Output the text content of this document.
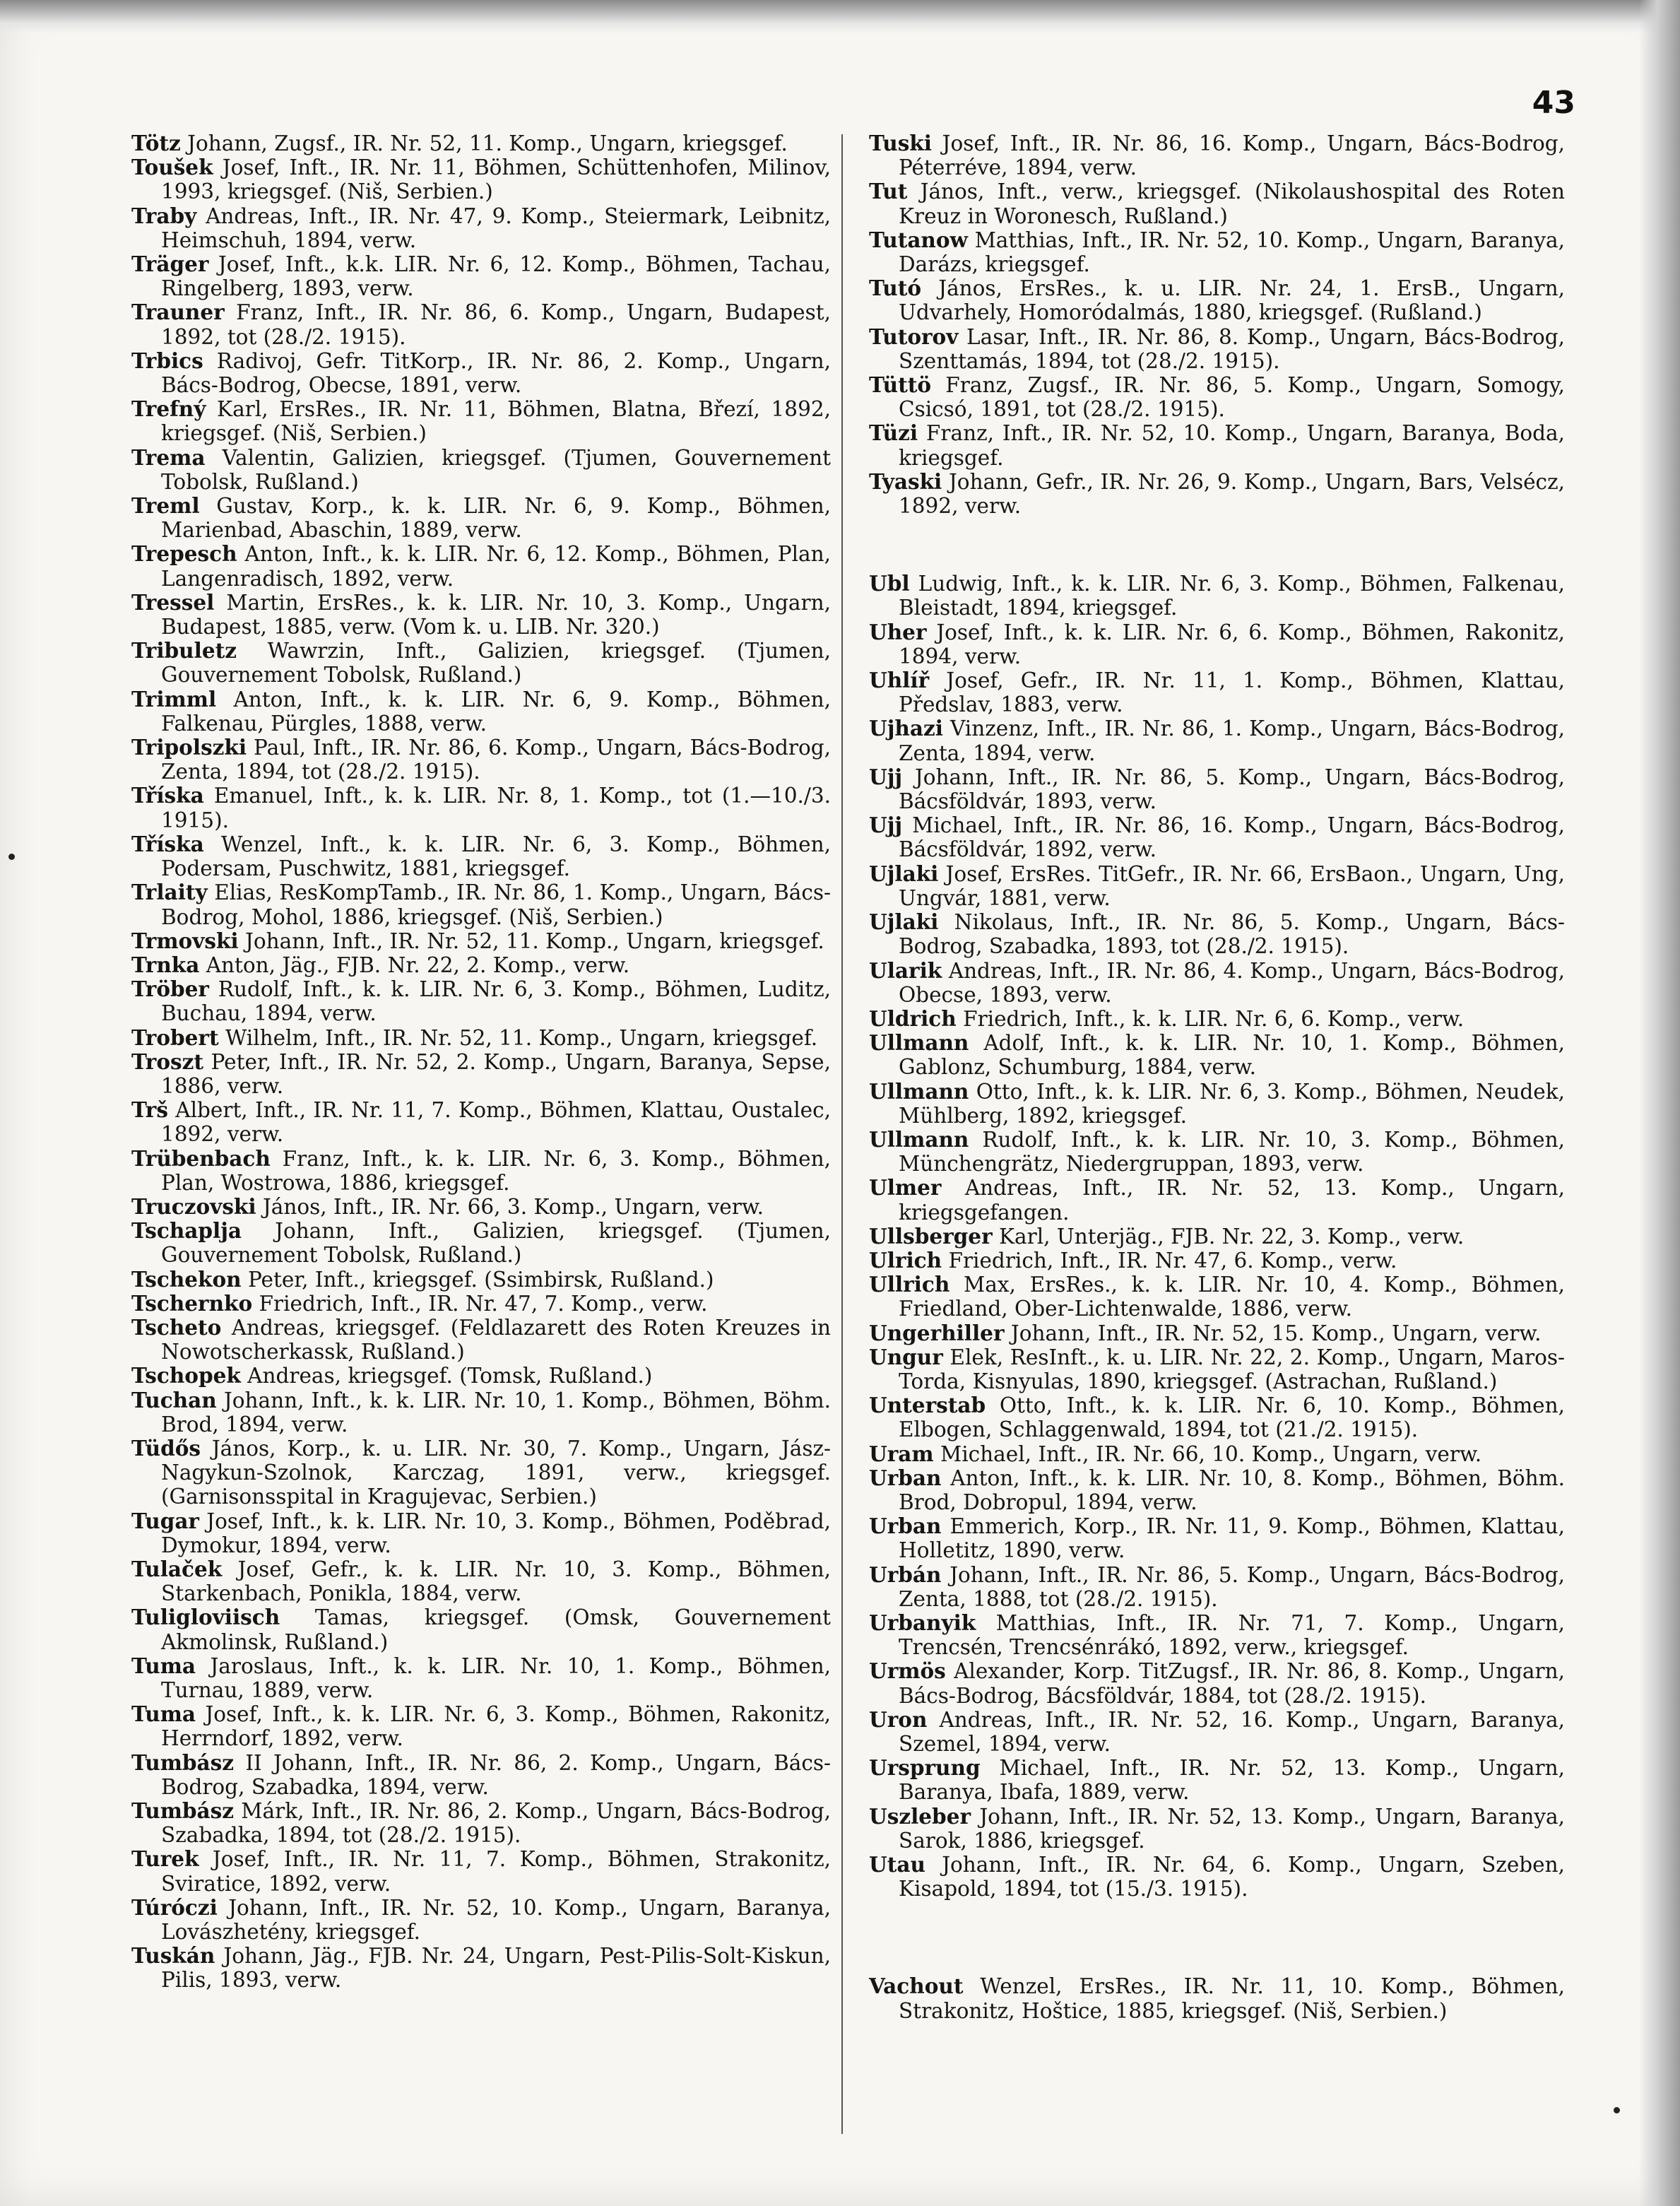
43

Tötz Johann, Zugsf., IR. Nr. 52, 11. Komp., Ungarn, kriegsgef.

Toušek Josef, Inft., IR. Nr. 11, Böhmen, Schüttenhofen, Milinov, 1993, kriegsgef. (Niš, Serbien.)

Traby Andreas, Inft., IR. Nr. 47, 9. Komp., Steiermark, Leibnitz, Heimschuh, 1894, verw.

Träger Josef, Inft., k.k. LIR. Nr. 6, 12. Komp., Böhmen, Tachau, Ringelberg, 1893, verw.

Trauner Franz, Inft., IR. Nr. 86, 6. Komp., Ungarn, Budapest, 1892, tot (28./2. 1915).

Trbics Radivoj, Gefr. TitKorp., IR. Nr. 86, 2. Komp., Ungarn, Bács-Bodrog, Obecse, 1891, verw.

Trefný Karl, ErsRes., IR. Nr. 11, Böhmen, Blatna, Březí, 1892, kriegsgef. (Niš, Serbien.)

Trema Valentin, Galizien, kriegsgef. (Tjumen, Gouvernement Tobolsk, Rußland.)

Treml Gustav, Korp., k. k. LIR. Nr. 6, 9. Komp., Böhmen, Marienbad, Abaschin, 1889, verw.

Trepesch Anton, Inft., k. k. LIR. Nr. 6, 12. Komp., Böhmen, Plan, Langenradisch, 1892, verw.

Tressel Martin, ErsRes., k. k. LIR. Nr. 10, 3. Komp., Ungarn, Budapest, 1885, verw. (Vom k. u. LIB. Nr. 320.)

Tribuletz Wawrzin, Inft., Galizien, kriegsgef. (Tjumen, Gouvernement Tobolsk, Rußland.)

Trimml Anton, Inft., k. k. LIR. Nr. 6, 9. Komp., Böhmen, Falkenau, Pürgles, 1888, verw.

Tripolszki Paul, Inft., IR. Nr. 86, 6. Komp., Ungarn, Bács-Bodrog, Zenta, 1894, tot (28./2. 1915).

Tříska Emanuel, Inft., k. k. LIR. Nr. 8, 1. Komp., tot (1.—10./3. 1915).

Tříska Wenzel, Inft., k. k. LIR. Nr. 6, 3. Komp., Böhmen, Podersam, Puschwitz, 1881, kriegsgef.

Trlaity Elias, ResKompTamb., IR. Nr. 86, 1. Komp., Ungarn, Bács-Bodrog, Mohol, 1886, kriegsgef. (Niš, Serbien.)

Trmovski Johann, Inft., IR. Nr. 52, 11. Komp., Ungarn, kriegsgef.

Trnka Anton, Jäg., FJB. Nr. 22, 2. Komp., verw.

Tröber Rudolf, Inft., k. k. LIR. Nr. 6, 3. Komp., Böhmen, Luditz, Buchau, 1894, verw.

Trobert Wilhelm, Inft., IR. Nr. 52, 11. Komp., Ungarn, kriegsgef.

Troszt Peter, Inft., IR. Nr. 52, 2. Komp., Ungarn, Baranya, Sepse, 1886, verw.

Trš Albert, Inft., IR. Nr. 11, 7. Komp., Böhmen, Klattau, Oustalec, 1892, verw.

Trübenbach Franz, Inft., k. k. LIR. Nr. 6, 3. Komp., Böhmen, Plan, Wostrowa, 1886, kriegsgef.

Truczovski János, Inft., IR. Nr. 66, 3. Komp., Ungarn, verw.

Tschaplja Johann, Inft., Galizien, kriegsgef. (Tjumen, Gouvernement Tobolsk, Rußland.)

Tschekon Peter, Inft., kriegsgef. (Ssimbirsk, Rußland.)

Tschernko Friedrich, Inft., IR. Nr. 47, 7. Komp., verw.

Tscheto Andreas, kriegsgef. (Feldlazarett des Roten Kreuzes in Nowotscherkassk, Rußland.)

Tschopek Andreas, kriegsgef. (Tomsk, Rußland.)

Tuchan Johann, Inft., k. k. LIR. Nr. 10, 1. Komp., Böhmen, Böhm. Brod, 1894, verw.

Tüdős János, Korp., k. u. LIR. Nr. 30, 7. Komp., Ungarn, Jász-Nagykun-Szolnok, Karczag, 1891, verw., kriegsgef. (Garnisonsspital in Kragujevac, Serbien.)

Tugar Josef, Inft., k. k. LIR. Nr. 10, 3. Komp., Böhmen, Poděbrad, Dymokur, 1894, verw.

Tulaček Josef, Gefr., k. k. LIR. Nr. 10, 3. Komp., Böhmen, Starkenbach, Ponikla, 1884, verw.

Tuligloviisch Tamas, kriegsgef. (Omsk, Gouvernement Akmolinsk, Rußland.)

Tuma Jaroslaus, Inft., k. k. LIR. Nr. 10, 1. Komp., Böhmen, Turnau, 1889, verw.

Tuma Josef, Inft., k. k. LIR. Nr. 6, 3. Komp., Böhmen, Rakonitz, Herrndorf, 1892, verw.

Tumbász II Johann, Inft., IR. Nr. 86, 2. Komp., Ungarn, Bács-Bodrog, Szabadka, 1894, verw.

Tumbász Márk, Inft., IR. Nr. 86, 2. Komp., Ungarn, Bács-Bodrog, Szabadka, 1894, tot (28./2. 1915).

Turek Josef, Inft., IR. Nr. 11, 7. Komp., Böhmen, Strakonitz, Sviratice, 1892, verw.

Túróczi Johann, Inft., IR. Nr. 52, 10. Komp., Ungarn, Baranya, Lovászhetény, kriegsgef.

Tuskán Johann, Jäg., FJB. Nr. 24, Ungarn, Pest-Pilis-Solt-Kiskun, Pilis, 1893, verw.

Tuski Josef, Inft., IR. Nr. 86, 16. Komp., Ungarn, Bács-Bodrog, Péterréve, 1894, verw.

Tut János, Inft., verw., kriegsgef. (Nikolaushospital des Roten Kreuz in Woronesch, Rußland.)

Tutanow Matthias, Inft., IR. Nr. 52, 10. Komp., Ungarn, Baranya, Darázs, kriegsgef.

Tutó János, ErsRes., k. u. LIR. Nr. 24, 1. ErsB., Ungarn, Udvarhely, Homoródalmás, 1880, kriegsgef. (Rußland.)

Tutorov Lasar, Inft., IR. Nr. 86, 8. Komp., Ungarn, Bács-Bodrog, Szenttamás, 1894, tot (28./2. 1915).

Tüttö Franz, Zugsf., IR. Nr. 86, 5. Komp., Ungarn, Somogy, Csicsó, 1891, tot (28./2. 1915).

Tüzi Franz, Inft., IR. Nr. 52, 10. Komp., Ungarn, Baranya, Boda, kriegsgef.

Tyaski Johann, Gefr., IR. Nr. 26, 9. Komp., Ungarn, Bars, Velsécz, 1892, verw.

Ubl Ludwig, Inft., k. k. LIR. Nr. 6, 3. Komp., Böhmen, Falkenau, Bleistadt, 1894, kriegsgef.

Uher Josef, Inft., k. k. LIR. Nr. 6, 6. Komp., Böhmen, Rakonitz, 1894, verw.

Uhlíř Josef, Gefr., IR. Nr. 11, 1. Komp., Böhmen, Klattau, Předslav, 1883, verw.

Ujhazi Vinzenz, Inft., IR. Nr. 86, 1. Komp., Ungarn, Bács-Bodrog, Zenta, 1894, verw.

Ujj Johann, Inft., IR. Nr. 86, 5. Komp., Ungarn, Bács-Bodrog, Bácsföldvár, 1893, verw.

Ujj Michael, Inft., IR. Nr. 86, 16. Komp., Ungarn, Bács-Bodrog, Bácsföldvár, 1892, verw.

Ujlaki Josef, ErsRes. TitGefr., IR. Nr. 66, ErsBaon., Ungarn, Ung, Ungvár, 1881, verw.

Ujlaki Nikolaus, Inft., IR. Nr. 86, 5. Komp., Ungarn, Bács-Bodrog, Szabadka, 1893, tot (28./2. 1915).

Ularik Andreas, Inft., IR. Nr. 86, 4. Komp., Ungarn, Bács-Bodrog, Obecse, 1893, verw.

Uldrich Friedrich, Inft., k. k. LIR. Nr. 6, 6. Komp., verw.

Ullmann Adolf, Inft., k. k. LIR. Nr. 10, 1. Komp., Böhmen, Gablonz, Schumburg, 1884, verw.

Ullmann Otto, Inft., k. k. LIR. Nr. 6, 3. Komp., Böhmen, Neudek, Mühlberg, 1892, kriegsgef.

Ullmann Rudolf, Inft., k. k. LIR. Nr. 10, 3. Komp., Böhmen, Münchengrätz, Niedergruppan, 1893, verw.

Ulmer Andreas, Inft., IR. Nr. 52, 13. Komp., Ungarn, kriegsgefangen.

Ullsberger Karl, Unterjäg., FJB. Nr. 22, 3. Komp., verw.

Ulrich Friedrich, Inft., IR. Nr. 47, 6. Komp., verw.

Ullrich Max, ErsRes., k. k. LIR. Nr. 10, 4. Komp., Böhmen, Friedland, Ober-Lichtenwalde, 1886, verw.

Ungerhiller Johann, Inft., IR. Nr. 52, 15. Komp., Ungarn, verw.

Ungur Elek, ResInft., k. u. LIR. Nr. 22, 2. Komp., Ungarn, Maros-Torda, Kisnyulas, 1890, kriegsgef. (Astrachan, Rußland.)

Unterstab Otto, Inft., k. k. LIR. Nr. 6, 10. Komp., Böhmen, Elbogen, Schlaggenwald, 1894, tot (21./2. 1915).

Uram Michael, Inft., IR. Nr. 66, 10. Komp., Ungarn, verw.

Urban Anton, Inft., k. k. LIR. Nr. 10, 8. Komp., Böhmen, Böhm. Brod, Dobropul, 1894, verw.

Urban Emmerich, Korp., IR. Nr. 11, 9. Komp., Böhmen, Klattau, Holletitz, 1890, verw.

Urbán Johann, Inft., IR. Nr. 86, 5. Komp., Ungarn, Bács-Bodrog, Zenta, 1888, tot (28./2. 1915).

Urbanyik Matthias, Inft., IR. Nr. 71, 7. Komp., Ungarn, Trencsén, Trencsénrákó, 1892, verw., kriegsgef.

Urmös Alexander, Korp. TitZugsf., IR. Nr. 86, 8. Komp., Ungarn, Bács-Bodrog, Bácsföldvár, 1884, tot (28./2. 1915).

Uron Andreas, Inft., IR. Nr. 52, 16. Komp., Ungarn, Baranya, Szemel, 1894, verw.

Ursprung Michael, Inft., IR. Nr. 52, 13. Komp., Ungarn, Baranya, Ibafa, 1889, verw.

Uszleber Johann, Inft., IR. Nr. 52, 13. Komp., Ungarn, Baranya, Sarok, 1886, kriegsgef.

Utau Johann, Inft., IR. Nr. 64, 6. Komp., Ungarn, Szeben, Kisapold, 1894, tot (15./3. 1915).

Vachout Wenzel, ErsRes., IR. Nr. 11, 10. Komp., Böhmen, Strakonitz, Hoštice, 1885, kriegsgef. (Niš, Serbien.)
